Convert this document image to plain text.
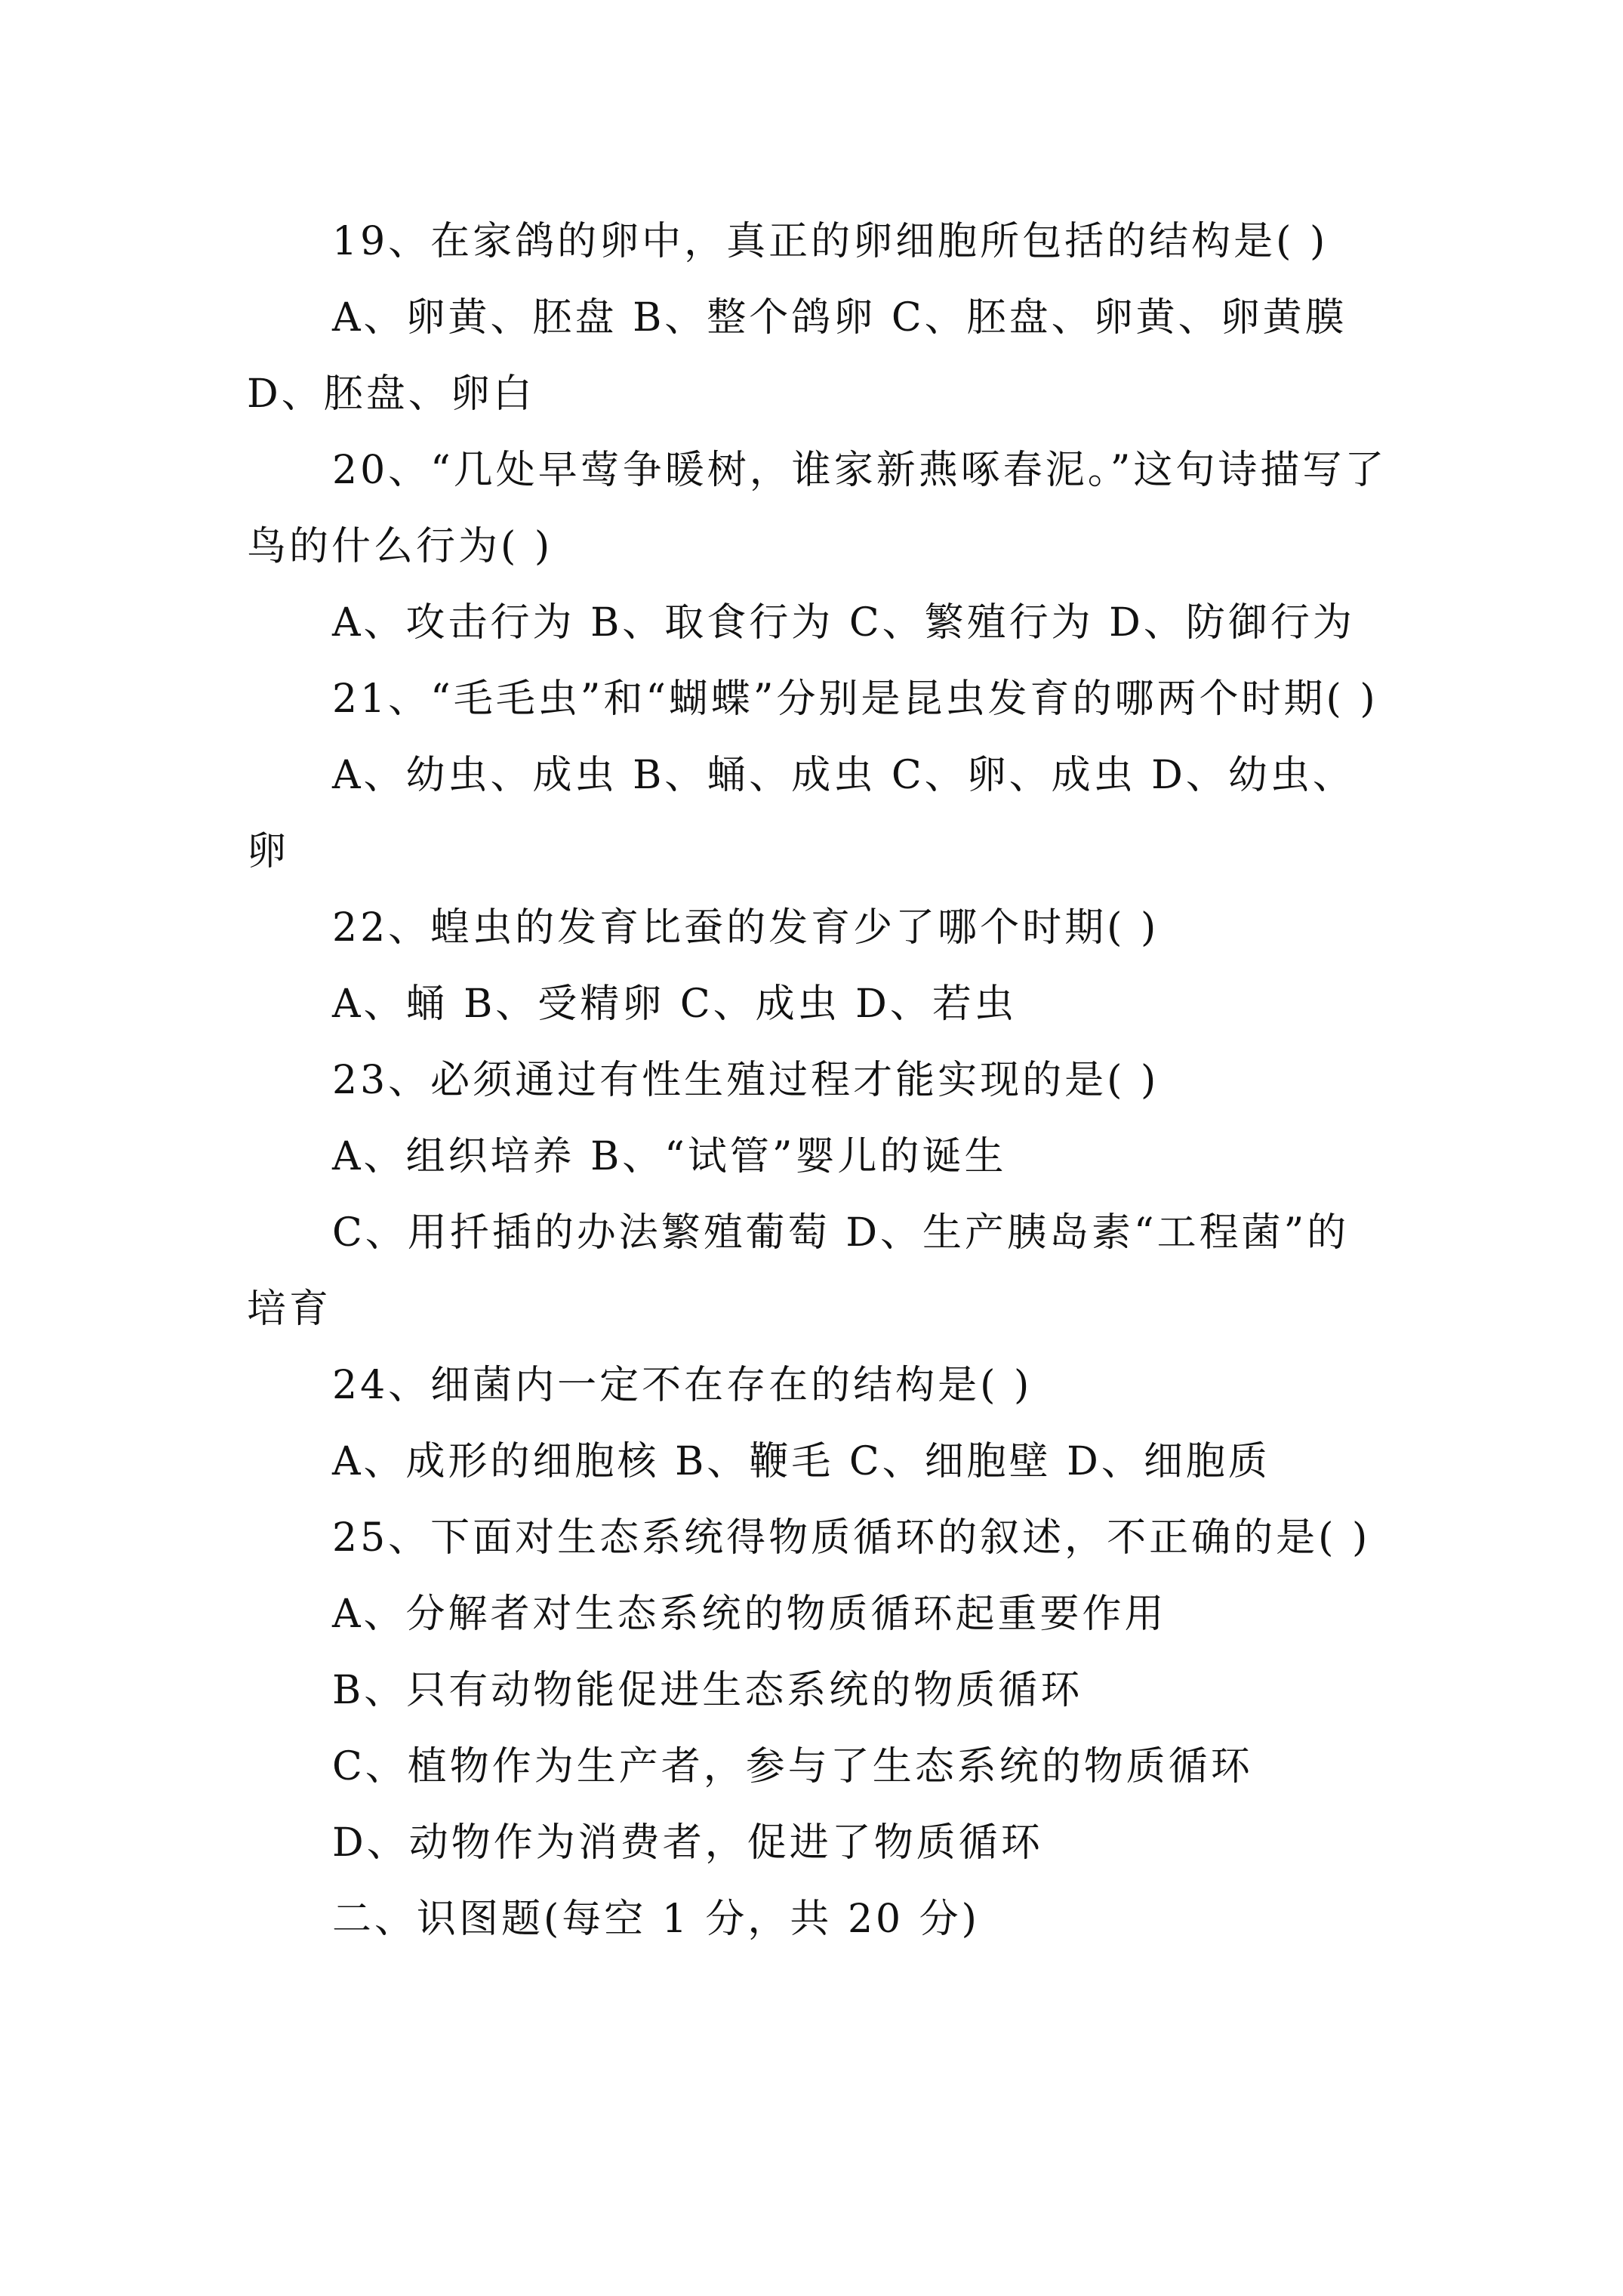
19、在家鸽的卵中，真正的卵细胞所包括的结构是( )

A、卵黄、胚盘 B、整个鸽卵 C、胚盘、卵黄、卵黄膜 D、胚盘、卵白

20、“几处早莺争暖树，谁家新燕啄春泥。”这句诗描写了鸟的什么行为( )

A、攻击行为 B、取食行为 C、繁殖行为 D、防御行为

21、“毛毛虫”和“蝴蝶”分别是昆虫发育的哪两个时期( )

A、幼虫、成虫 B、蛹、成虫 C、卵、成虫 D、幼虫、卵

22、蝗虫的发育比蚕的发育少了哪个时期( )

A、蛹 B、受精卵 C、成虫 D、若虫

23、必须通过有性生殖过程才能实现的是( )

A、组织培养 B、“试管”婴儿的诞生

C、用扦插的办法繁殖葡萄 D、生产胰岛素“工程菌”的培育

24、细菌内一定不在存在的结构是( )

A、成形的细胞核 B、鞭毛 C、细胞壁 D、细胞质

25、下面对生态系统得物质循环的叙述，不正确的是( )

A、分解者对生态系统的物质循环起重要作用

B、只有动物能促进生态系统的物质循环

C、植物作为生产者，参与了生态系统的物质循环

D、动物作为消费者，促进了物质循环

二、识图题(每空 1 分，共 20 分)
